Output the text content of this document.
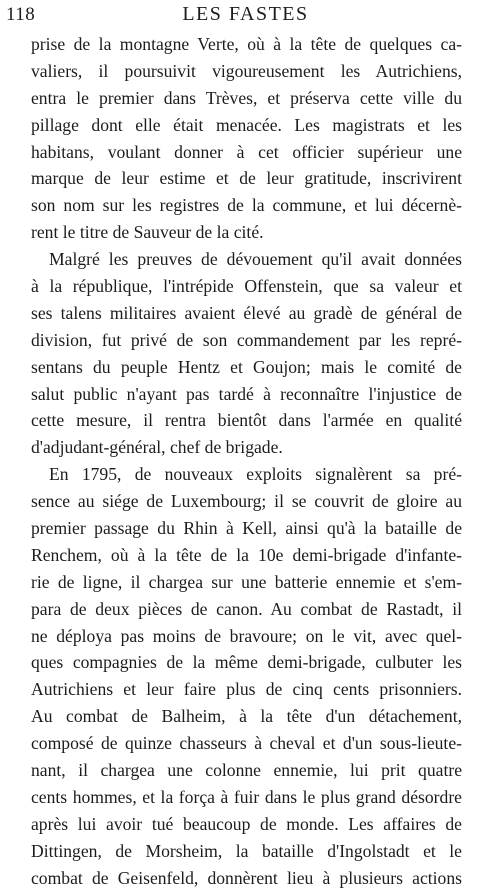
118	LES FASTES
prise de la montagne Verte, où à la tête de quelques ca-
valiers, il poursuivit vigoureusement les Autrichiens,
entra le premier dans Trèves, et préserva cette ville du
pillage dont elle était menacée. Les magistrats et les
habitans, voulant donner à cet officier supérieur une
marque de leur estime et de leur gratitude, inscrivirent
son nom sur les registres de la commune, et lui décernè-
rent le titre de Sauveur de la cité.
Malgré les preuves de dévouement qu'il avait données
à la république, l'intrépide Offenstein, que sa valeur et
ses talens militaires avaient élevé au gradè de général de
division, fut privé de son commandement par les repré-
sentans du peuple Hentz et Goujon; mais le comité de
salut public n'ayant pas tardé à reconnaître l'injustice de
cette mesure, il rentra bientôt dans l'armée en qualité
d'adjudant-général, chef de brigade.
En 1795, de nouveaux exploits signalèrent sa pré-
sence au siége de Luxembourg; il se couvrit de gloire au
premier passage du Rhin à Kell, ainsi qu'à la bataille de
Renchem, où à la tête de la 10e demi-brigade d'infante-
rie de ligne, il chargea sur une batterie ennemie et s'em-
para de deux pièces de canon. Au combat de Rastadt, il
ne déploya pas moins de bravoure; on le vit, avec quel-
ques compagnies de la même demi-brigade, culbuter les
Autrichiens et leur faire plus de cinq cents prisonniers.
Au combat de Balheim, à la tête d'un détachement,
composé de quinze chasseurs à cheval et d'un sous-lieute-
nant, il chargea une colonne ennemie, lui prit quatre
cents hommes, et la força à fuir dans le plus grand désordre
après lui avoir tué beaucoup de monde. Les affaires de
Dittingen, de Morsheim, la bataille d'Ingolstadt et le
combat de Geisenfeld, donnèrent lieu à plusieurs actions
